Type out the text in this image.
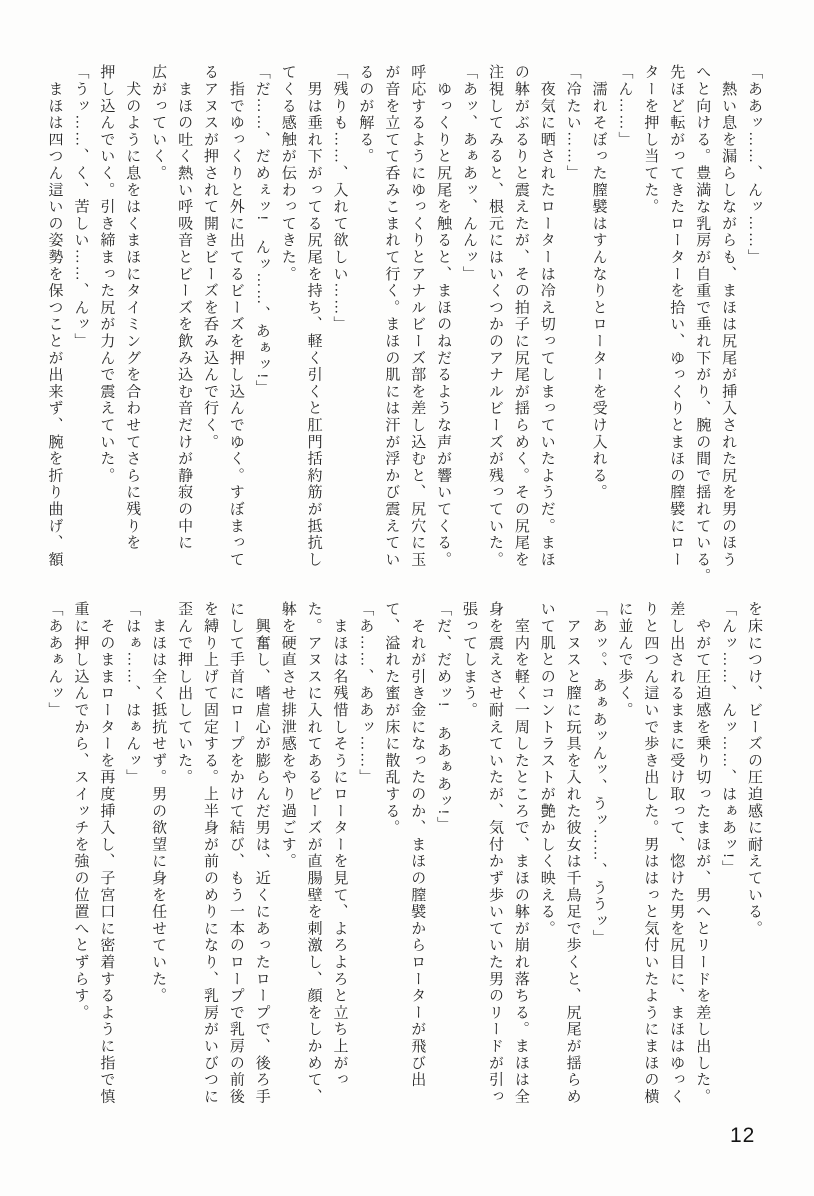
「ああッ……、んッ……」
　熱い息を漏らしながらも、まほは尻尾が挿入された尻を男のほう
へと向ける。豊満な乳房が自重で垂れ下がり、腕の間で揺れている。
先ほど転がってきたローターを拾い、ゆっくりとまほの膣襞にロー
ターを押し当てた。
「ん……」
　濡れそぼった膣襞はすんなりとローターを受け入れる。
「冷たい……」
　夜気に晒されたローターは冷え切ってしまっていたようだ。まほ
の躰がぶるりと震えたが、その拍子に尻尾が揺らめく。その尻尾を
注視してみると、根元にはいくつかのアナルビーズが残っていた。
「あッ、あぁあッ、んんッ」
　ゆっくりと尻尾を触ると、まほのねだるような声が響いてくる。
呼応するようにゆっくりとアナルビーズ部を差し込むと、尻穴に玉
が音を立てて呑みこまれて行く。まほの肌には汗が浮かび震えてい
るのが解る。
「残りも……、入れて欲しい……」
　男は垂れ下がってる尻尾を持ち、軽く引くと肛門括約筋が抵抗し
てくる感触が伝わってきた。
「だ……、だめぇッ!　んッ……、あぁッ!」
　指でゆっくりと外に出てるビーズを押し込んでゆく。すぼまって
るアヌスが押されて開きビーズを呑み込んで行く。
　まほの吐く熱い呼吸音とビーズを飲み込む音だけが静寂の中に
広がっていく。
　犬のように息をはくまほにタイミングを合わせてさらに残りを
押し込んでいく。引き締まった尻が力んで震えていた。
「うッ……、く、苦しい……、んッ」
　まほは四つん這いの姿勢を保つことが出来ず、腕を折り曲げ、額
を床につけ、ビーズの圧迫感に耐えている。
「んッ……、んッ……、はぁあッ!」
　やがて圧迫感を乗り切ったまほが、男へとリードを差し出した。
差し出されるままに受け取って、惚けた男を尻目に、まほはゆっく
りと四つん這いで歩き出した。男ははっと気付いたようにまほの横
に並んで歩く。
「あッ。、あぁあッんッ、うッ……、ううッ」
　アヌスと膣に玩具を入れた彼女は千鳥足で歩くと、尻尾が揺らめ
いて肌とのコントラストが艶かしく映える。
　室内を軽く一周したところで、まほの躰が崩れ落ちる。まほは全
身を震えさせ耐えていたが、気付かず歩いていた男のリードが引っ
張ってしまう。
「だ、だめッ!　ああぁあッ!」
　それが引き金になったのか、まほの膣襞からローターが飛び出
て、溢れた蜜が床に散乱する。
「あ……、ああッ……」
　まほは名残惜しそうにローターを見て、よろよろと立ち上がっ
た。アヌスに入れてあるビーズが直腸壁を刺激し、顔をしかめて、
躰を硬直させ排泄感をやり過ごす。
　興奮し、嗜虐心が膨らんだ男は、近くにあったロープで、後ろ手
にして手首にロープをかけて結び、もう一本のロープで乳房の前後
を縛り上げて固定する。上半身が前のめりになり、乳房がいびつに
歪んで押し出していた。
　まほは全く抵抗せず。男の欲望に身を任せていた。
「はぁ……、はぁんッ」
　そのままローターを再度挿入し、子宮口に密着するように指で慎
重に押し込んでから、スイッチを強の位置へとずらす。
「ああぁんッ」
12
